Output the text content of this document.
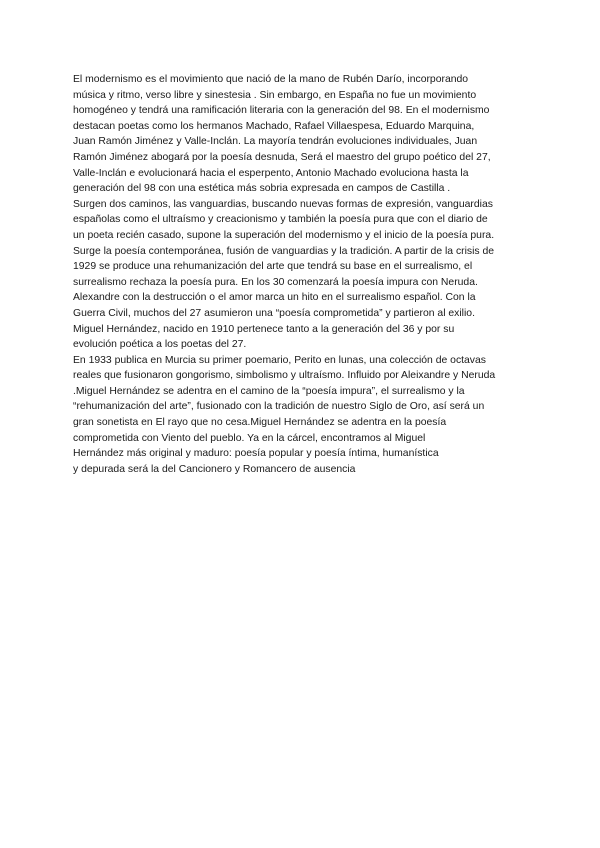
El modernismo es el movimiento que nació de la mano de Rubén Darío, incorporando
música y ritmo, verso libre y sinestesia . Sin embargo, en España no fue un movimiento
homogéneo y tendrá una ramificación literaria con la generación del 98. En el modernismo
destacan poetas como los hermanos Machado, Rafael Villaespesa, Eduardo Marquina,
Juan Ramón Jiménez y Valle-Inclán. La mayoría tendrán evoluciones individuales, Juan
Ramón Jiménez abogará por la poesía desnuda, Será el maestro del grupo poético del 27,
Valle-Inclán e evolucionará hacia el esperpento, Antonio Machado evoluciona hasta la
generación del 98 con una estética más sobria expresada en campos de Castilla .
Surgen dos caminos, las vanguardias, buscando nuevas formas de expresión, vanguardias
españolas como el ultraísmo y creacionismo y también la poesía pura que con el diario de
un poeta recién casado, supone la superación del modernismo y el inicio de la poesía pura.
Surge la poesía contemporánea, fusión de vanguardias y la tradición. A partir de la crisis de
1929 se produce una rehumanización del arte que tendrá su base en el surrealismo, el
surrealismo rechaza la poesía pura. En los 30 comenzará la poesía impura con Neruda.
Alexandre con la destrucción o el amor marca un hito en el surrealismo español. Con la
Guerra Civil, muchos del 27 asumieron una “poesía comprometida” y partieron al exilio.
Miguel Hernández, nacido en 1910 pertenece tanto a la generación del 36 y por su
evolución poética a los poetas del 27.
En 1933 publica en Murcia su primer poemario, Perito en lunas, una colección de octavas
reales que fusionaron gongorismo, simbolismo y ultraísmo. Influido por Aleixandre y Neruda
.Miguel Hernández se adentra en el camino de la “poesía impura”, el surrealismo y la
“rehumanización del arte”, fusionado con la tradición de nuestro Siglo de Oro, así será un
gran sonetista en El rayo que no cesa.Miguel Hernández se adentra en la poesía
comprometida con Viento del pueblo. Ya en la cárcel, encontramos al Miguel
Hernández más original y maduro: poesía popular y poesía íntima, humanística
y depurada será la del Cancionero y Romancero de ausencia
